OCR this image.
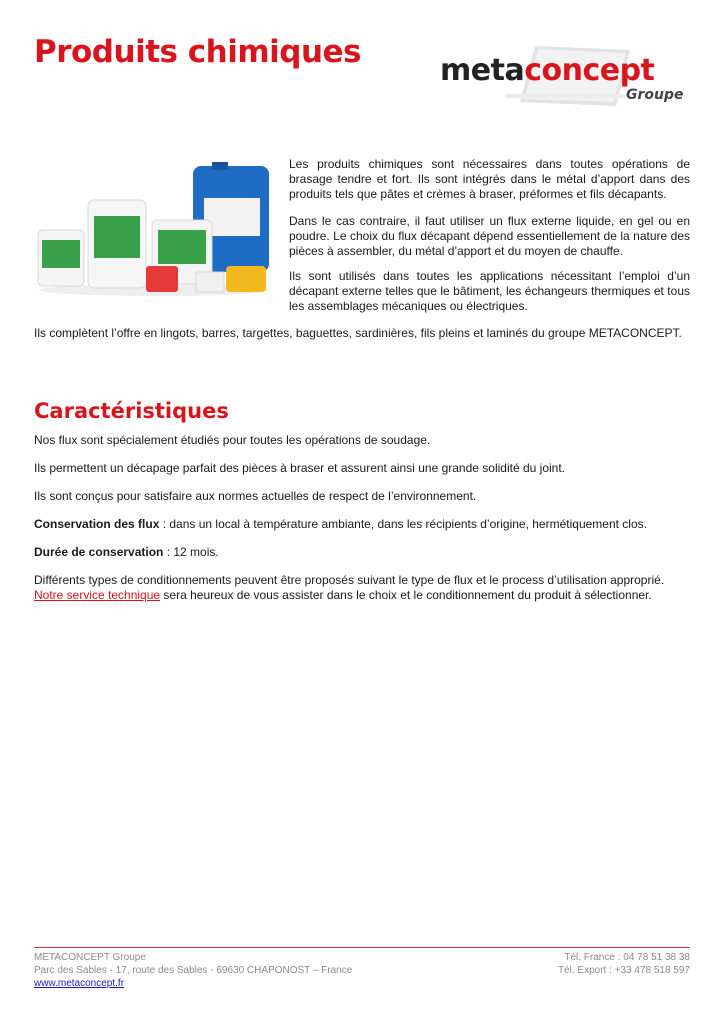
Produits chimiques
metaconcept
Groupe

Les produits chimiques sont nécessaires dans toutes opérations de brasage tendre et fort. Ils sont intégrés dans le métal d’apport dans des produits tels que pâtes et crèmes à braser, préformes et fils décapants.

Dans le cas contraire, il faut utiliser un flux externe liquide, en gel ou en poudre. Le choix du flux décapant dépend essentiellement de la nature des pièces à assembler, du métal d’apport et du moyen de chauffe.

Ils sont utilisés dans toutes les applications nécessitant l’emploi d’un décapant externe telles que le bâtiment, les échangeurs thermiques et tous les assemblages mécaniques ou électriques.

Ils complètent l’offre en lingots, barres, targettes, baguettes, sardinières, fils pleins et laminés du groupe METACONCEPT.

Caractéristiques

Nos flux sont spécialement étudiés pour toutes les opérations de soudage.

Ils permettent un décapage parfait des pièces à braser et assurent ainsi une grande solidité du joint.

Ils sont conçus pour satisfaire aux normes actuelles de respect de l’environnement.

Conservation des flux : dans un local à température ambiante, dans les récipients d’origine, hermétiquement clos.

Durée de conservation : 12 mois.

Différents types de conditionnements peuvent être proposés suivant le type de flux et le process d’utilisation approprié.
Notre service technique sera heureux de vous assister dans le choix et le conditionnement du produit à sélectionner.

METACONCEPT Groupe
Parc des Sables - 17, route des Sables - 69630 CHAPONOST – France
www.metaconcept.fr
Tél. France : 04 78 51 38 38
Tél. Export : +33 478 518 597
